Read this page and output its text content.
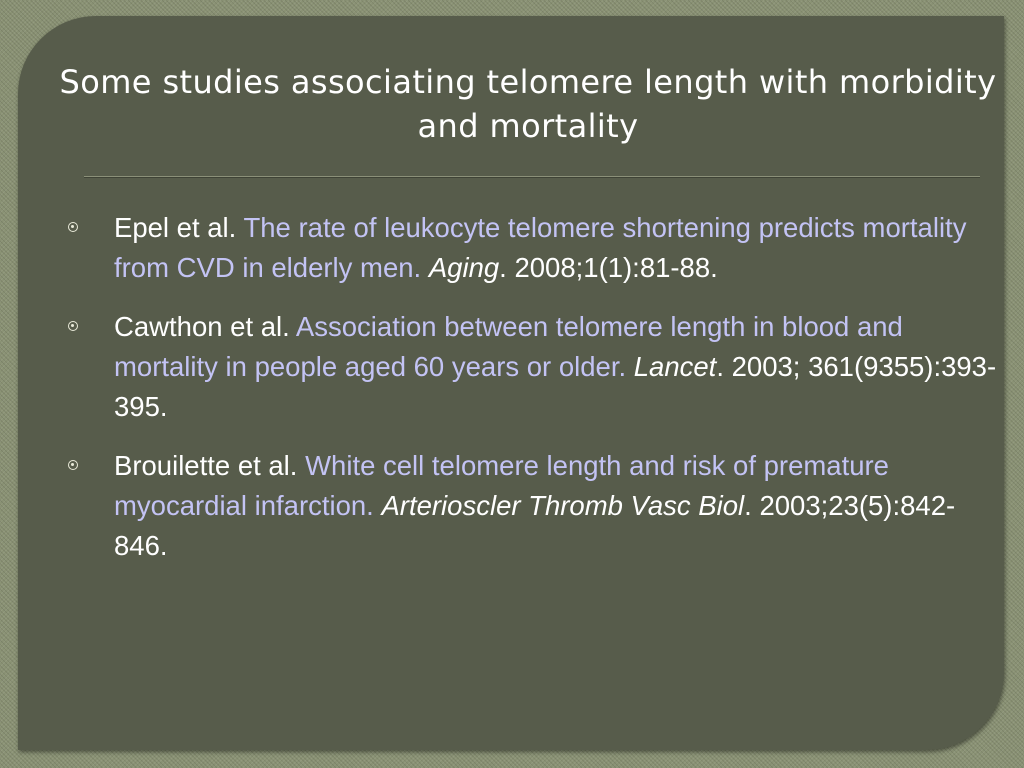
Some studies associating telomere length with morbidity and mortality
Epel et al. The rate of leukocyte telomere shortening predicts mortality from CVD in elderly men. Aging. 2008;1(1):81-88.
Cawthon et al. Association between telomere length in blood and mortality in people aged 60 years or older. Lancet. 2003; 361(9355):393-395.
Brouilette et al. White cell telomere length and risk of premature myocardial infarction. Arterioscler Thromb Vasc Biol. 2003;23(5):842-846.
